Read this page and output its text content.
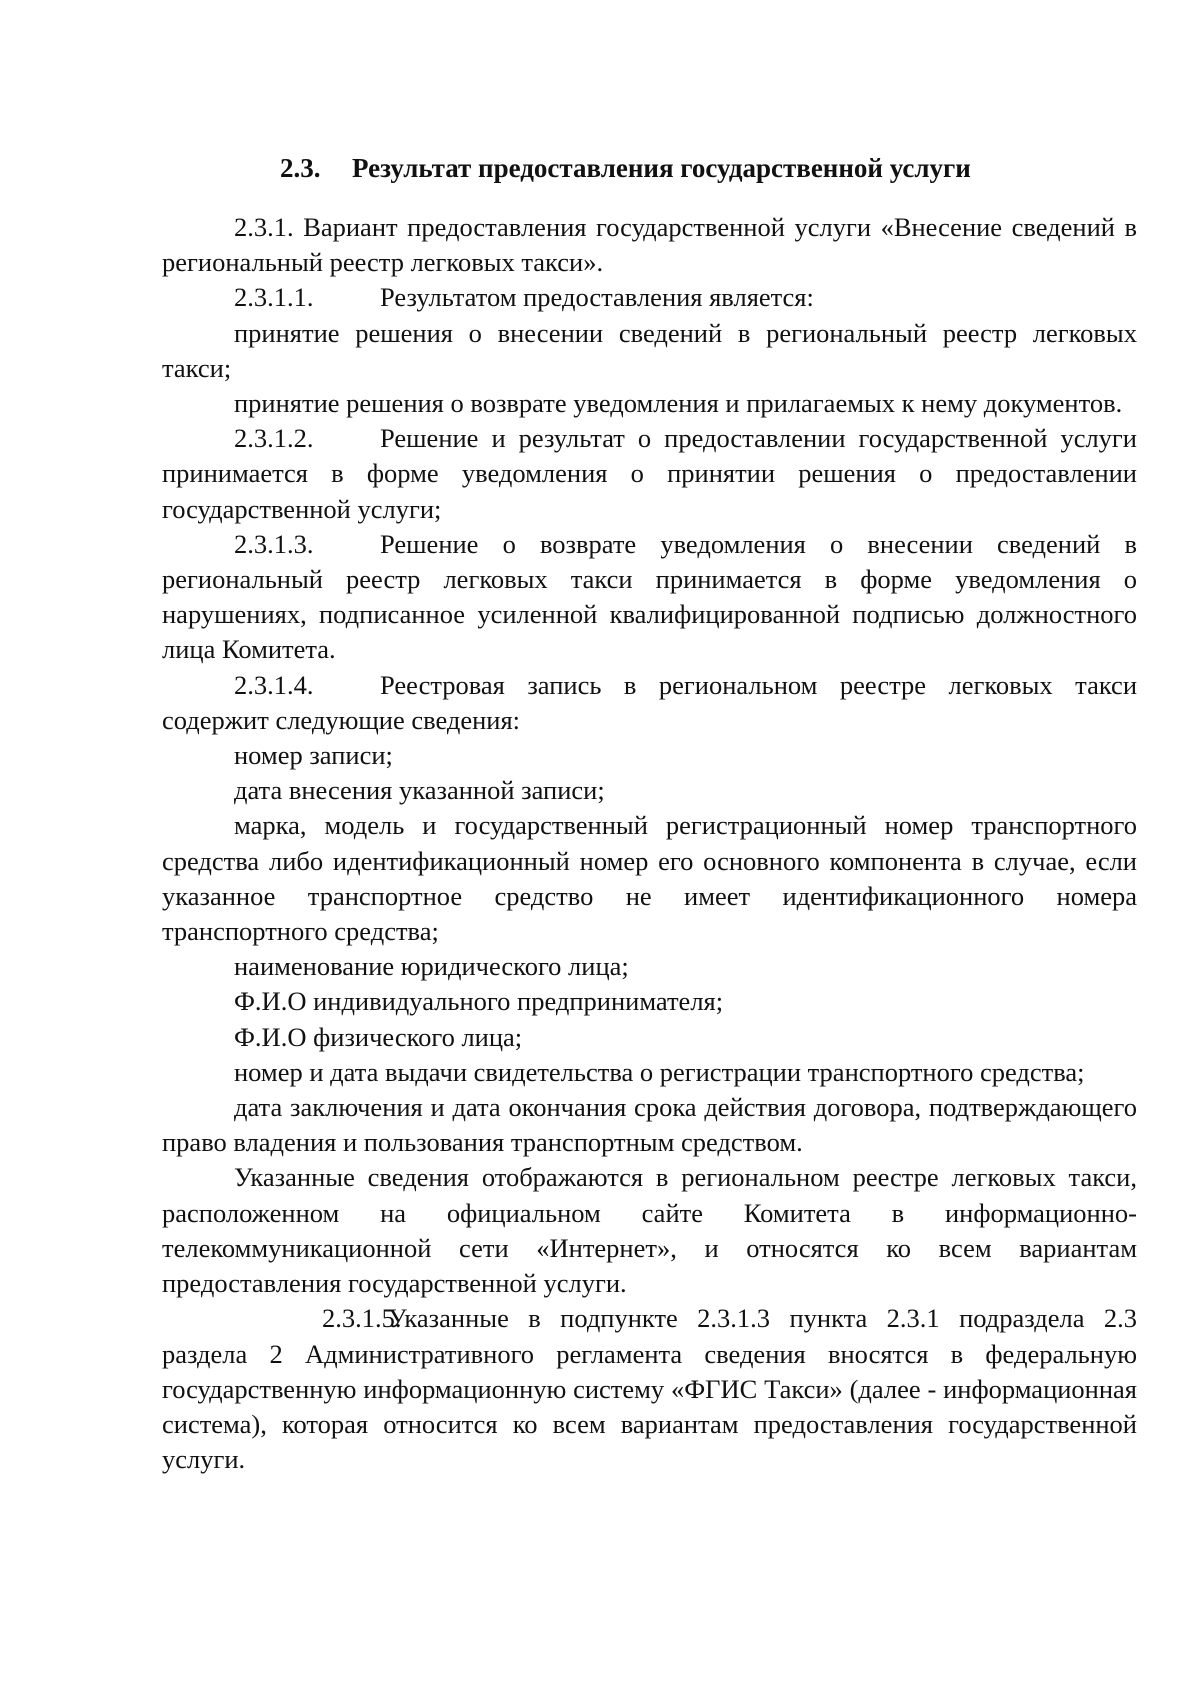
2.3. Результат предоставления государственной услуги

2.3.1. Вариант предоставления государственной услуги «Внесение сведений в региональный реестр легковых такси».

2.3.1.1.	Результатом предоставления является:

принятие решения о внесении сведений в региональный реестр легковых такси;

принятие решения о возврате уведомления и прилагаемых к нему документов.

2.3.1.2.	Решение и результат о предоставлении государственной услуги принимается в форме уведомления о принятии решения о предоставлении государственной услуги;

2.3.1.3.	Решение о возврате уведомления о внесении сведений в региональный реестр легковых такси принимается в форме уведомления о нарушениях, подписанное усиленной квалифицированной подписью должностного лица Комитета.

2.3.1.4.	Реестровая запись в региональном реестре легковых такси содержит следующие сведения:

номер записи;

дата внесения указанной записи;

марка, модель и государственный регистрационный номер транспортного средства либо идентификационный номер его основного компонента в случае, если указанное транспортное средство не имеет идентификационного номера транспортного средства;

наименование юридического лица;

Ф.И.О индивидуального предпринимателя;

Ф.И.О физического лица;

номер и дата выдачи свидетельства о регистрации транспортного средства;

дата заключения и дата окончания срока действия договора, подтверждающего право владения и пользования транспортным средством.

Указанные сведения отображаются в региональном реестре легковых такси, расположенном на официальном сайте Комитета в информационно-телекоммуникационной сети «Интернет», и относятся ко всем вариантам предоставления государственной услуги.

2.3.1.5.Указанные в подпункте 2.3.1.3 пункта 2.3.1 подраздела 2.3 раздела 2 Административного регламента сведения вносятся в федеральную государственную информационную систему «ФГИС Такси» (далее - информационная система), которая относится ко всем вариантам предоставления государственной услуги.
